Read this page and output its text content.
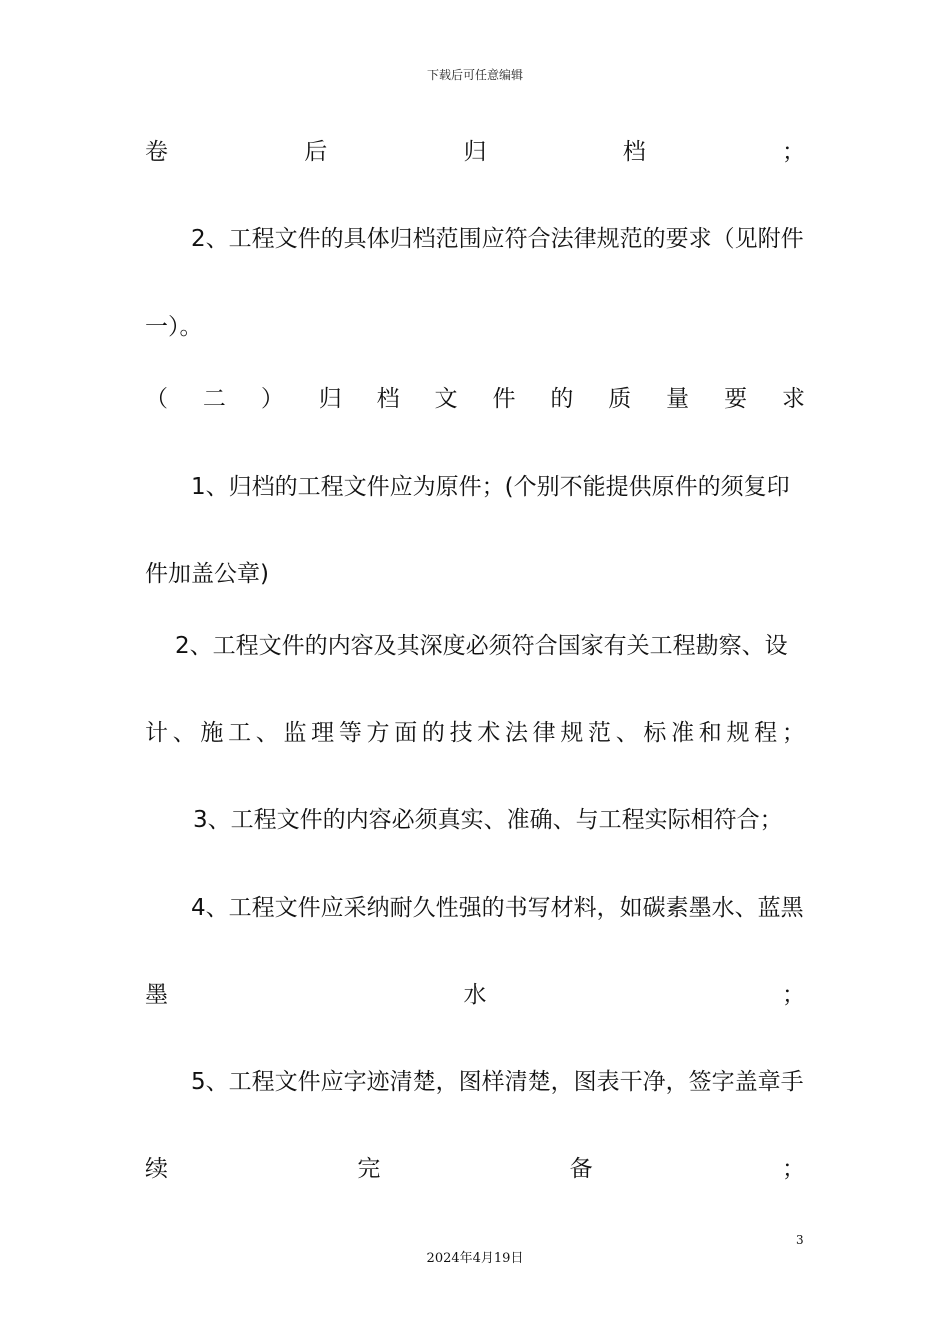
下载后可任意编辑
卷	后	归	档	；
2、工程文件的具体归档范围应符合法律规范的要求（见附件
一）。
（ 二 ） 归 档 文 件 的 质 量 要 求
1、归档的工程文件应为原件；(个别不能提供原件的须复印
件加盖公章)
2、工程文件的内容及其深度必须符合国家有关工程勘察、设
计 、 施 工 、 监 理 等 方 面 的 技 术 法 律 规 范 、 标 准 和 规 程 ；
3、工程文件的内容必须真实、准确、与工程实际相符合；
4、工程文件应采纳耐久性强的书写材料，如碳素墨水、蓝黑
墨	水	；
5、工程文件应字迹清楚，图样清楚，图表干净，签字盖章手
续	完	备	；
3
2024年4月19日
